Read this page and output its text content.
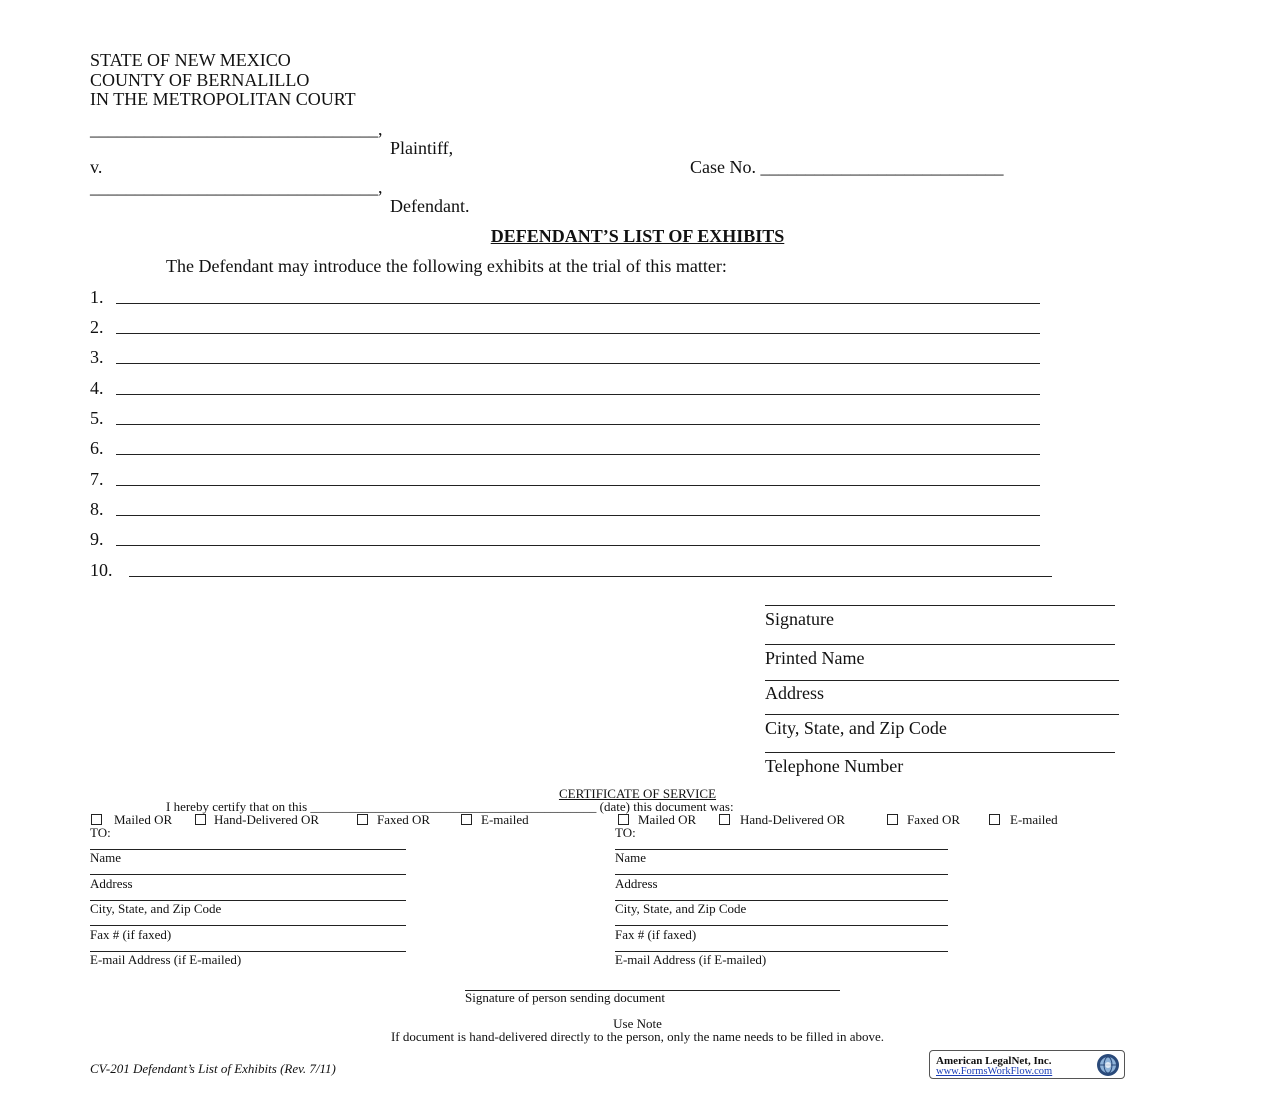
STATE OF NEW MEXICO
COUNTY OF BERNALILLO
IN THE METROPOLITAN COURT
________________________________,
Plaintiff,
v.	Case No. ___________________________
________________________________,
Defendant.
DEFENDANT’S LIST OF EXHIBITS
The Defendant may introduce the following exhibits at the trial of this matter:
1.
2.
3.
4.
5.
6.
7.
8.
9.
10.
Signature
Printed Name
Address
City, State, and Zip Code
Telephone Number
CERTIFICATE OF SERVICE
I hereby certify that on this ____________________________________________ (date) this document was:
Mailed OR	Hand-Delivered OR	Faxed OR	E-mailed	Mailed OR	Hand-Delivered OR	Faxed OR	E-mailed
TO:
Name
Address
City, State, and Zip Code
Fax # (if faxed)
E-mail Address (if E-mailed)
TO:
Name
Address
City, State, and Zip Code
Fax # (if faxed)
E-mail Address (if E-mailed)
Signature of person sending document
Use Note
If document is hand-delivered directly to the person, only the name needs to be filled in above.
CV-201 Defendant’s List of Exhibits (Rev. 7/11)	American LegalNet, Inc.
www.FormsWorkFlow.com
